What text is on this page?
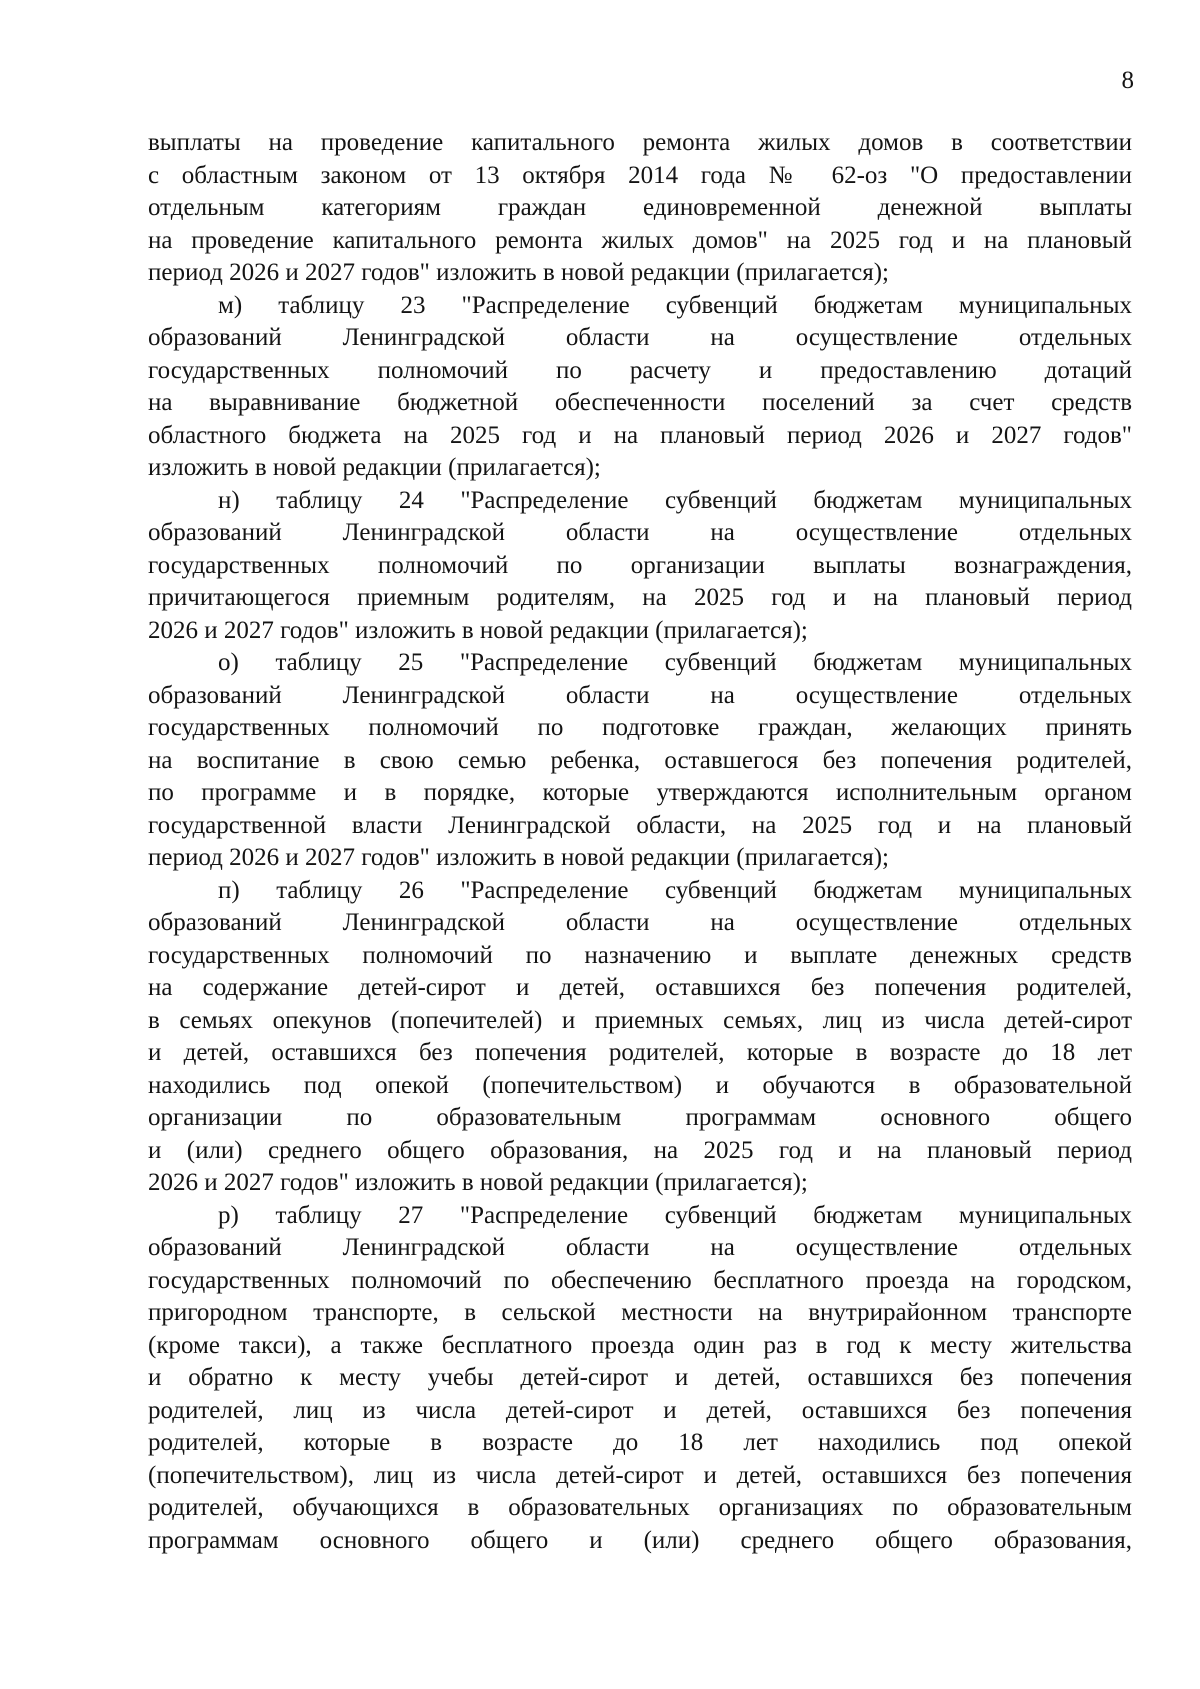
8
выплаты на проведение капитального ремонта жилых домов в соответствии
с областным законом от 13 октября 2014 года № 62-оз "О предоставлении
отдельным категориям граждан единовременной денежной выплаты
на проведение капитального ремонта жилых домов" на 2025 год и на плановый
период 2026 и 2027 годов" изложить в новой редакции (прилагается);
м) таблицу 23 "Распределение субвенций бюджетам муниципальных
образований Ленинградской области на осуществление отдельных
государственных полномочий по расчету и предоставлению дотаций
на выравнивание бюджетной обеспеченности поселений за счет средств
областного бюджета на 2025 год и на плановый период 2026 и 2027 годов"
изложить в новой редакции (прилагается);
н) таблицу 24 "Распределение субвенций бюджетам муниципальных
образований Ленинградской области на осуществление отдельных
государственных полномочий по организации выплаты вознаграждения,
причитающегося приемным родителям, на 2025 год и на плановый период
2026 и 2027 годов" изложить в новой редакции (прилагается);
о) таблицу 25 "Распределение субвенций бюджетам муниципальных
образований Ленинградской области на осуществление отдельных
государственных полномочий по подготовке граждан, желающих принять
на воспитание в свою семью ребенка, оставшегося без попечения родителей,
по программе и в порядке, которые утверждаются исполнительным органом
государственной власти Ленинградской области, на 2025 год и на плановый
период 2026 и 2027 годов" изложить в новой редакции (прилагается);
п) таблицу 26 "Распределение субвенций бюджетам муниципальных
образований Ленинградской области на осуществление отдельных
государственных полномочий по назначению и выплате денежных средств
на содержание детей-сирот и детей, оставшихся без попечения родителей,
в семьях опекунов (попечителей) и приемных семьях, лиц из числа детей-сирот
и детей, оставшихся без попечения родителей, которые в возрасте до 18 лет
находились под опекой (попечительством) и обучаются в образовательной
организации по образовательным программам основного общего
и (или) среднего общего образования, на 2025 год и на плановый период
2026 и 2027 годов" изложить в новой редакции (прилагается);
р) таблицу 27 "Распределение субвенций бюджетам муниципальных
образований Ленинградской области на осуществление отдельных
государственных полномочий по обеспечению бесплатного проезда на городском,
пригородном транспорте, в сельской местности на внутрирайонном транспорте
(кроме такси), а также бесплатного проезда один раз в год к месту жительства
и обратно к месту учебы детей-сирот и детей, оставшихся без попечения
родителей, лиц из числа детей-сирот и детей, оставшихся без попечения
родителей, которые в возрасте до 18 лет находились под опекой
(попечительством), лиц из числа детей-сирот и детей, оставшихся без попечения
родителей, обучающихся в образовательных организациях по образовательным
программам основного общего и (или) среднего общего образования,
